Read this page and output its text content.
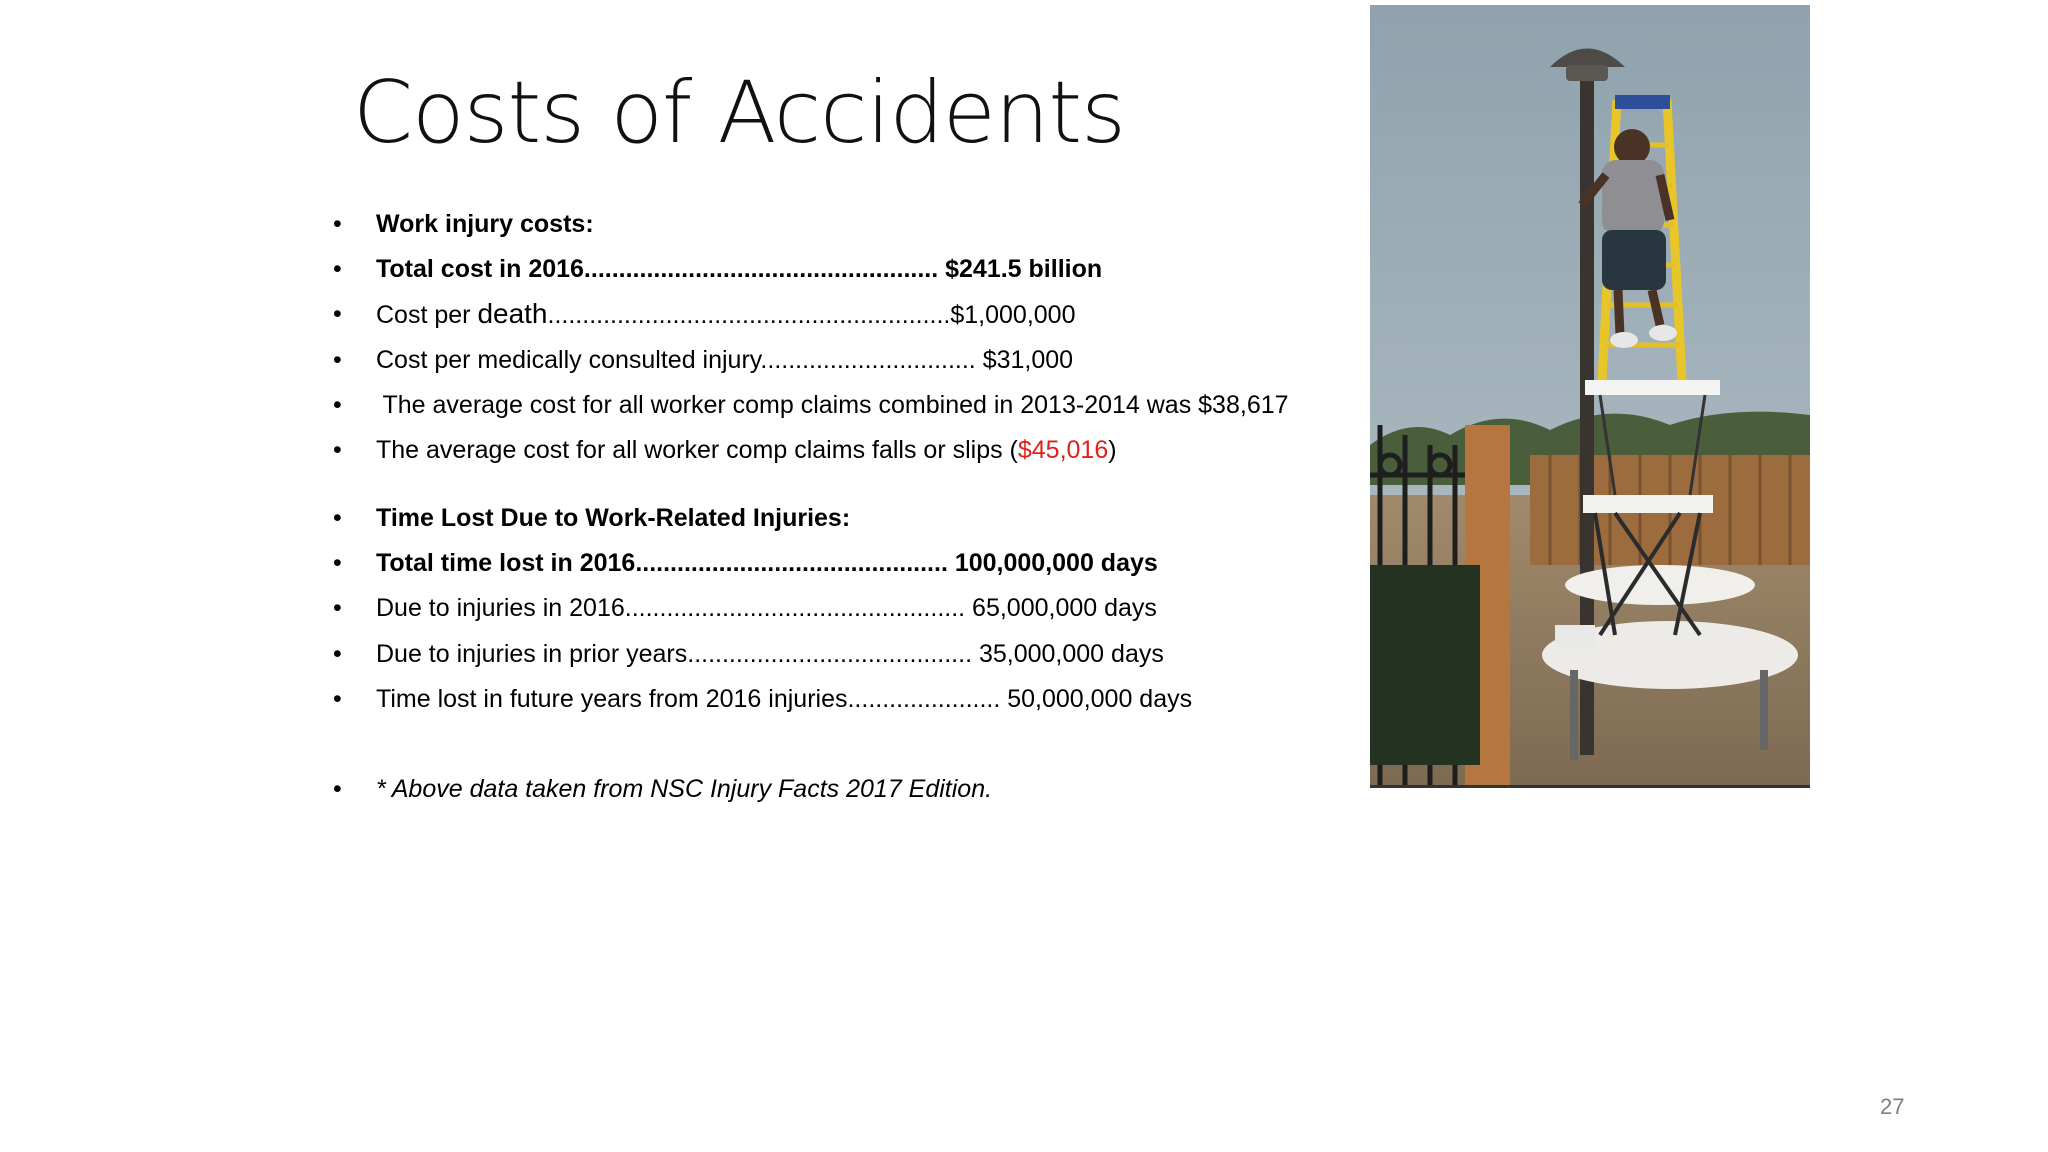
Costs of Accidents
•	Work injury costs:
•	Total cost in 2016................................................... $241.5 billion
•	Cost per death..........................................................$1,000,000
•	Cost per medically consulted injury............................... $31,000
•	The average cost for all worker comp claims combined in 2013-2014 was $38,617
•	The average cost for all worker comp claims falls or slips ($45,016)
•	Time Lost Due to Work-Related Injuries:
•	Total time lost in 2016............................................. 100,000,000 days
•	Due to injuries in 2016................................................. 65,000,000 days
•	Due to injuries in prior years......................................... 35,000,000 days
•	Time lost in future years from 2016 injuries...................... 50,000,000 days
•	* Above data taken from NSC Injury Facts 2017 Edition.
27
